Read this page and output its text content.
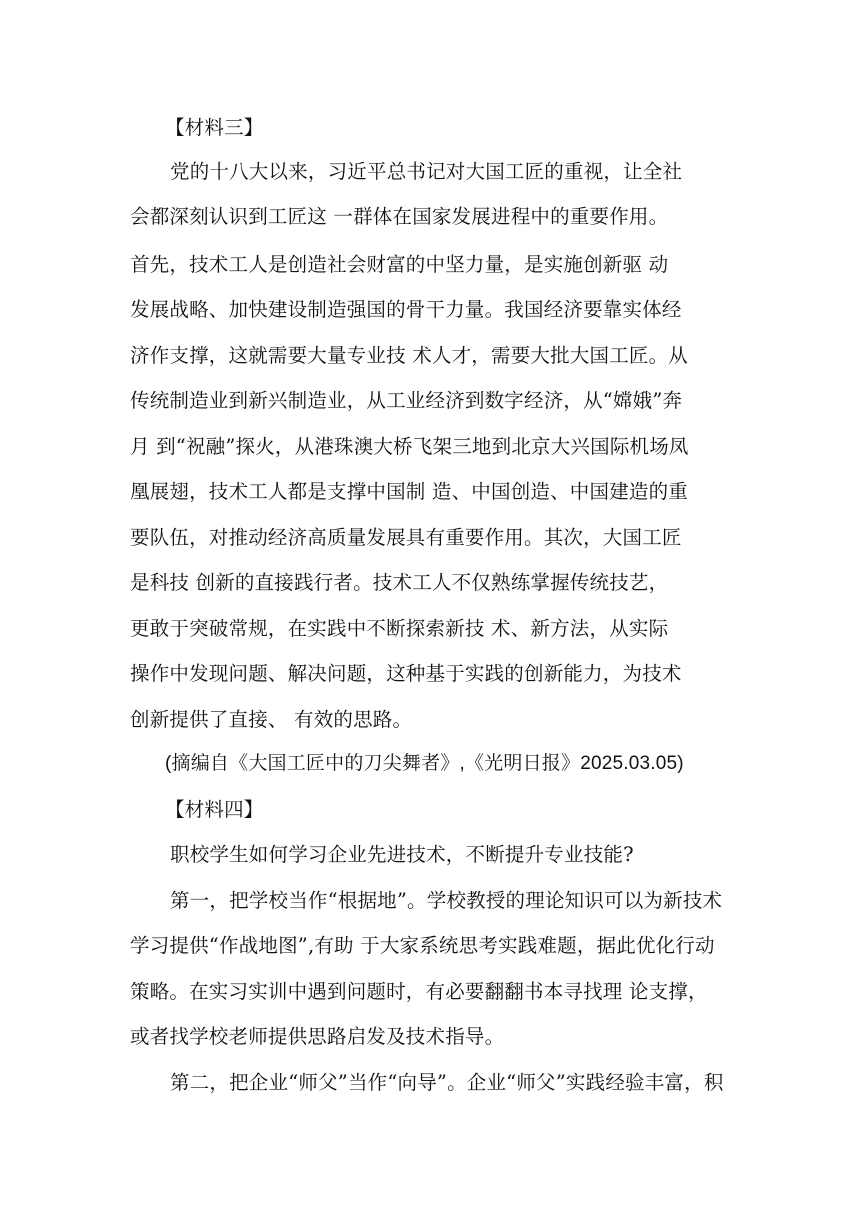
【材料三】
党的十八大以来，习近平总书记对大国工匠的重视，让全社
会都深刻认识到工匠这 一群体在国家发展进程中的重要作用。
首先，技术工人是创造社会财富的中坚力量，是实施创新驱 动
发展战略、加快建设制造强国的骨干力量。我国经济要靠实体经
济作支撑，这就需要大量专业技 术人才，需要大批大国工匠。从
传统制造业到新兴制造业，从工业经济到数字经济，从“嫦娥”奔
月 到“祝融”探火，从港珠澳大桥飞架三地到北京大兴国际机场凤
凰展翅，技术工人都是支撑中国制 造、中国创造、中国建造的重
要队伍，对推动经济高质量发展具有重要作用。其次，大国工匠
是科技 创新的直接践行者。技术工人不仅熟练掌握传统技艺，
更敢于突破常规，在实践中不断探索新技 术、新方法，从实际
操作中发现问题、解决问题，这种基于实践的创新能力，为技术
创新提供了直接、 有效的思路。
(摘编自《大国工匠中的刀尖舞者》,《光明日报》2025.03.05)
【材料四】
职校学生如何学习企业先进技术，不断提升专业技能?
第一，把学校当作“根据地”。学校教授的理论知识可以为新技术
学习提供“作战地图”,有助 于大家系统思考实践难题，据此优化行动
策略。在实习实训中遇到问题时，有必要翻翻书本寻找理 论支撑，
或者找学校老师提供思路启发及技术指导。
第二，把企业“师父”当作“向导”。企业“师父”实践经验丰富，积
